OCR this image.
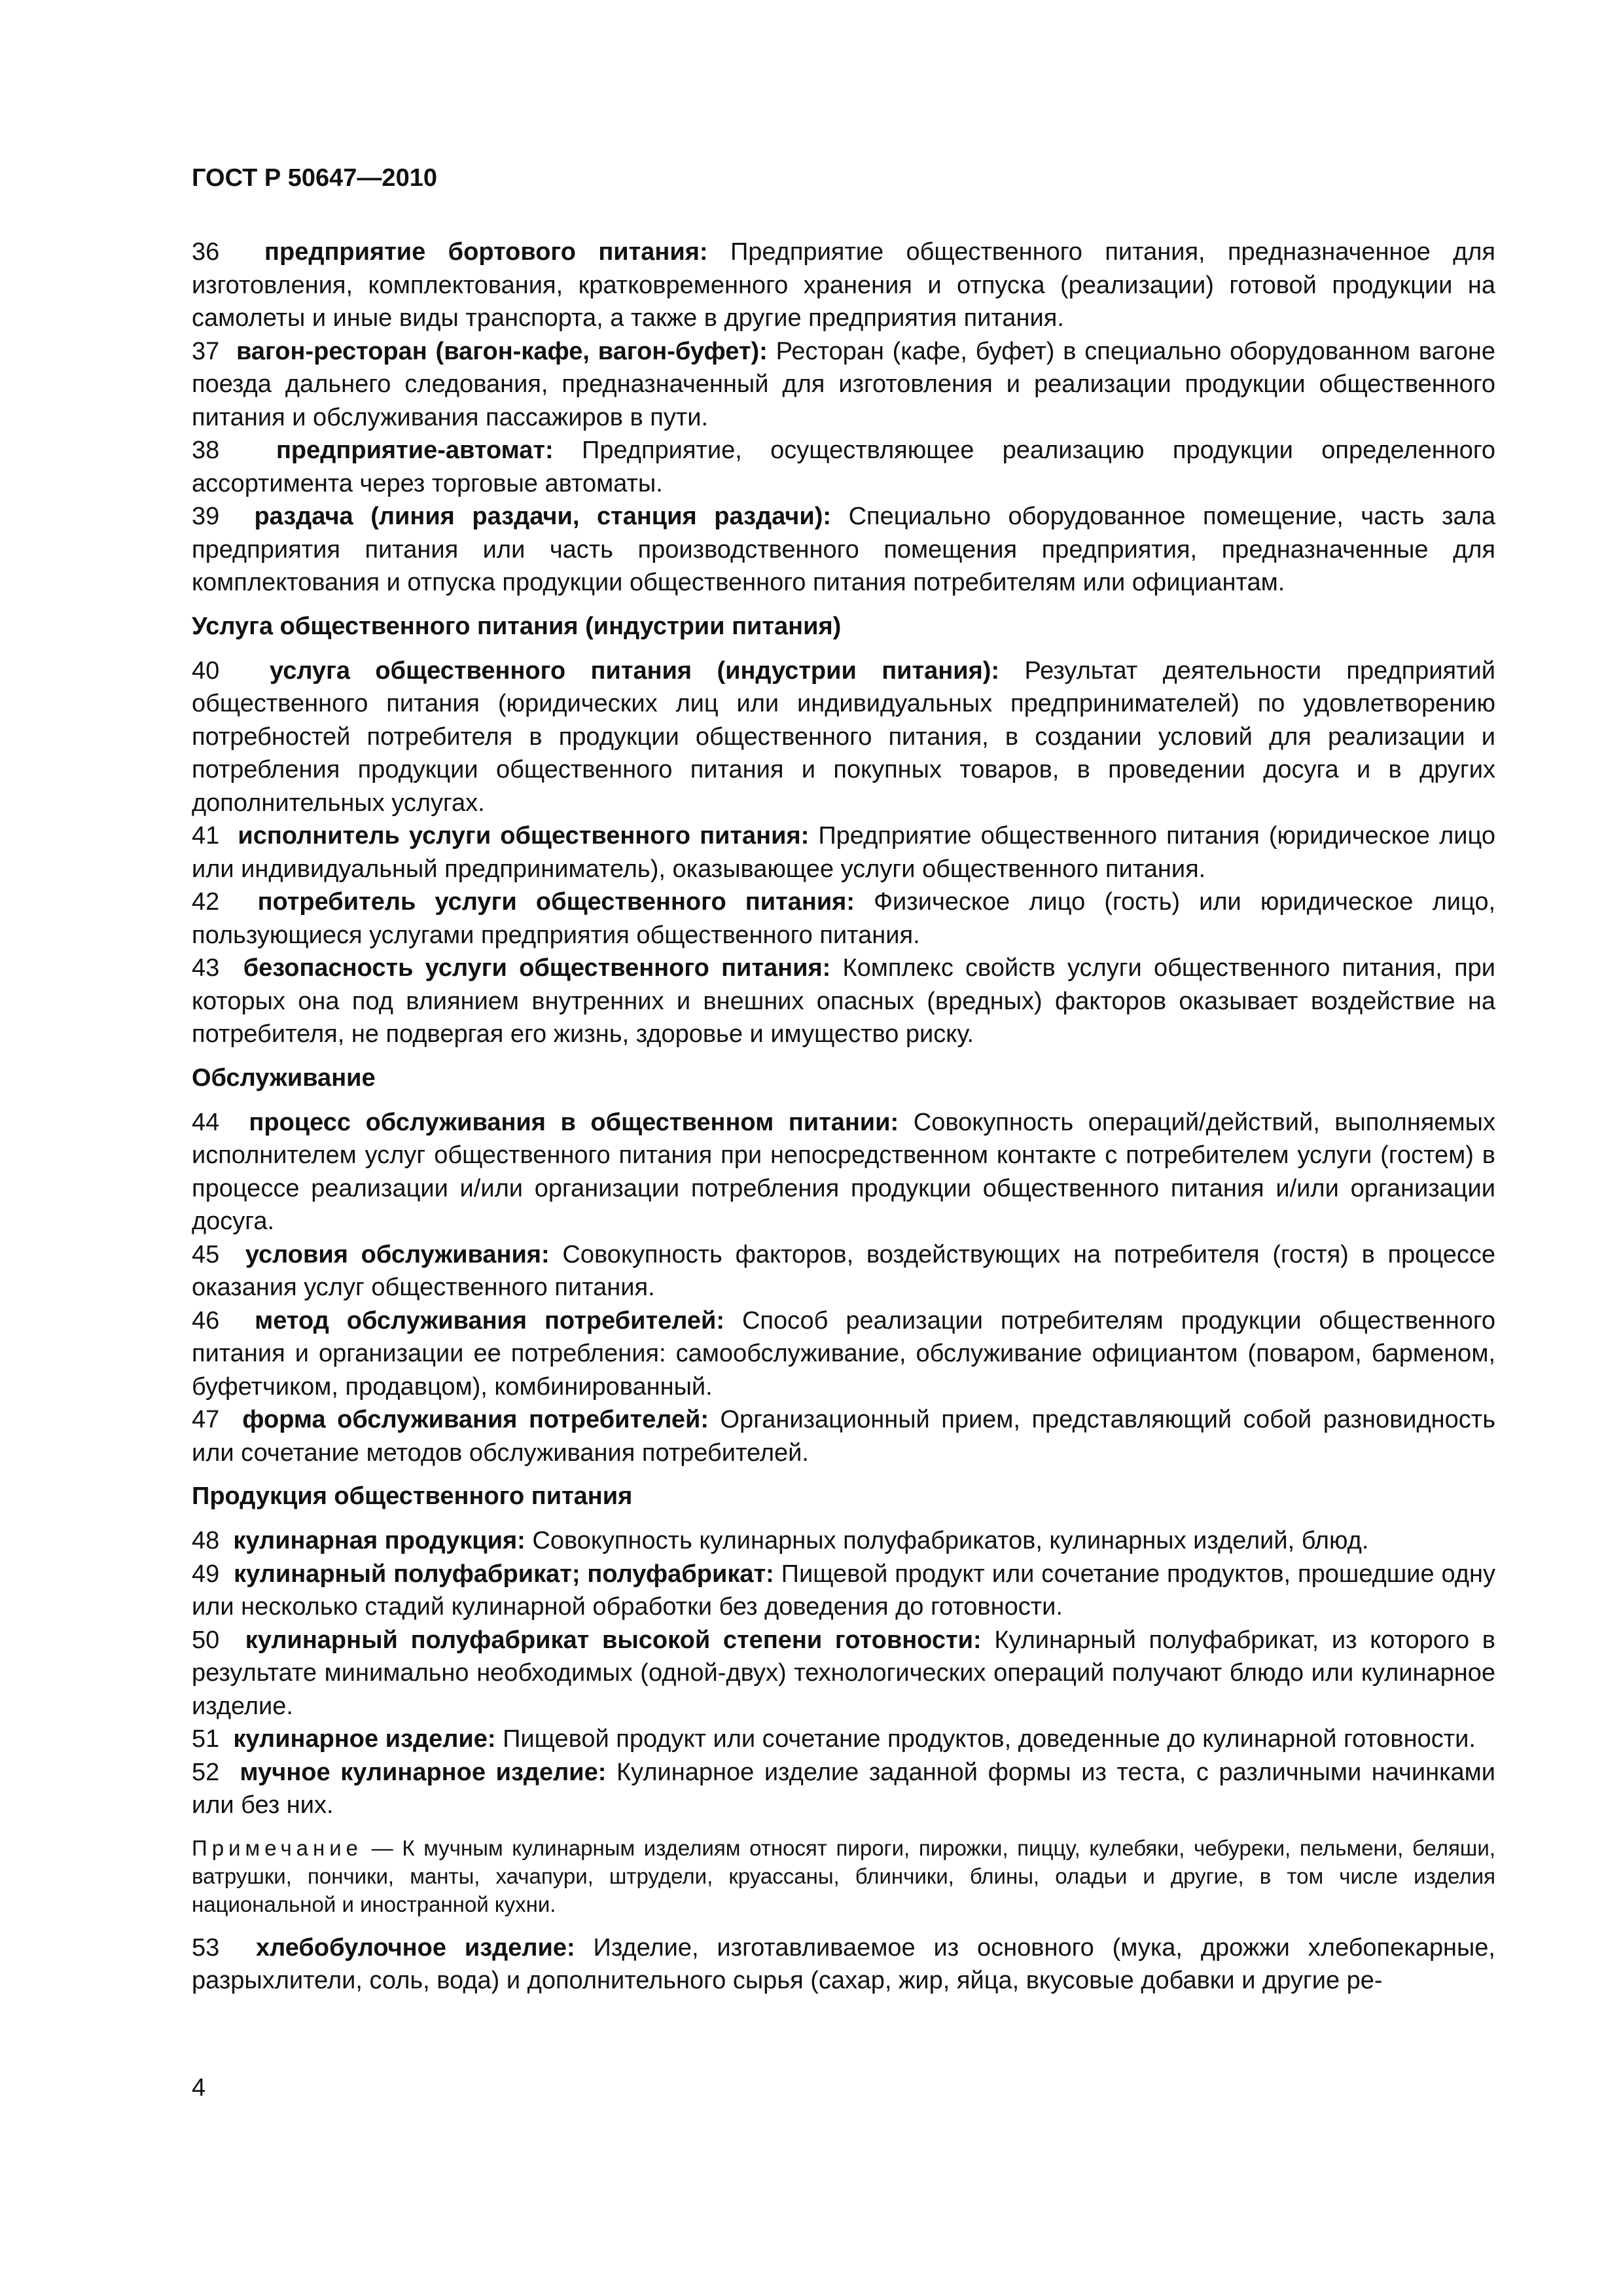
ГОСТ Р 50647—2010
36 предприятие бортового питания: Предприятие общественного питания, предназначенное для изготовления, комплектования, кратковременного хранения и отпуска (реализации) готовой продукции на самолеты и иные виды транспорта, а также в другие предприятия питания.
37 вагон-ресторан (вагон-кафе, вагон-буфет): Ресторан (кафе, буфет) в специально оборудованном вагоне поезда дальнего следования, предназначенный для изготовления и реализации продукции общественного питания и обслуживания пассажиров в пути.
38 предприятие-автомат: Предприятие, осуществляющее реализацию продукции определенного ассортимента через торговые автоматы.
39 раздача (линия раздачи, станция раздачи): Специально оборудованное помещение, часть зала предприятия питания или часть производственного помещения предприятия, предназначенные для комплектования и отпуска продукции общественного питания потребителям или официантам.
Услуга общественного питания (индустрии питания)
40 услуга общественного питания (индустрии питания): Результат деятельности предприятий общественного питания (юридических лиц или индивидуальных предпринимателей) по удовлетворению потребностей потребителя в продукции общественного питания, в создании условий для реализации и потребления продукции общественного питания и покупных товаров, в проведении досуга и в других дополнительных услугах.
41 исполнитель услуги общественного питания: Предприятие общественного питания (юридическое лицо или индивидуальный предприниматель), оказывающее услуги общественного питания.
42 потребитель услуги общественного питания: Физическое лицо (гость) или юридическое лицо, пользующиеся услугами предприятия общественного питания.
43 безопасность услуги общественного питания: Комплекс свойств услуги общественного питания, при которых она под влиянием внутренних и внешних опасных (вредных) факторов оказывает воздействие на потребителя, не подвергая его жизнь, здоровье и имущество риску.
Обслуживание
44 процесс обслуживания в общественном питании: Совокупность операций/действий, выполняемых исполнителем услуг общественного питания при непосредственном контакте с потребителем услуги (гостем) в процессе реализации и/или организации потребления продукции общественного питания и/или организации досуга.
45 условия обслуживания: Совокупность факторов, воздействующих на потребителя (гостя) в процессе оказания услуг общественного питания.
46 метод обслуживания потребителей: Способ реализации потребителям продукции общественного питания и организации ее потребления: самообслуживание, обслуживание официантом (поваром, барменом, буфетчиком, продавцом), комбинированный.
47 форма обслуживания потребителей: Организационный прием, представляющий собой разновидность или сочетание методов обслуживания потребителей.
Продукция общественного питания
48 кулинарная продукция: Совокупность кулинарных полуфабрикатов, кулинарных изделий, блюд.
49 кулинарный полуфабрикат; полуфабрикат: Пищевой продукт или сочетание продуктов, прошедшие одну или несколько стадий кулинарной обработки без доведения до готовности.
50 кулинарный полуфабрикат высокой степени готовности: Кулинарный полуфабрикат, из которого в результате минимально необходимых (одной-двух) технологических операций получают блюдо или кулинарное изделие.
51 кулинарное изделие: Пищевой продукт или сочетание продуктов, доведенные до кулинарной готовности.
52 мучное кулинарное изделие: Кулинарное изделие заданной формы из теста, с различными начинками или без них.
Примечание — К мучным кулинарным изделиям относят пироги, пирожки, пиццу, кулебяки, чебуреки, пельмени, беляши, ватрушки, пончики, манты, хачапури, штрудели, круассаны, блинчики, блины, оладьи и другие, в том числе изделия национальной и иностранной кухни.
53 хлебобулочное изделие: Изделие, изготавливаемое из основного (мука, дрожжи хлебопекарные, разрыхлители, соль, вода) и дополнительного сырья (сахар, жир, яйца, вкусовые добавки и другие ре-
4
